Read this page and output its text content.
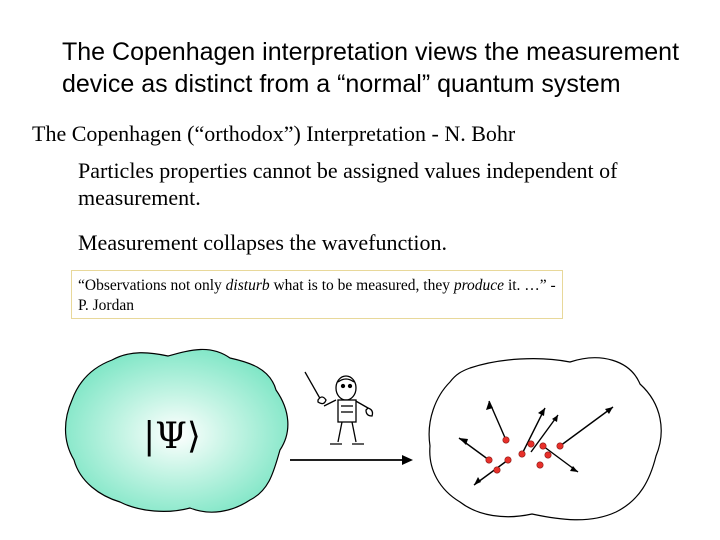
The Copenhagen interpretation views the measurement device as distinct from a “normal” quantum system
The Copenhagen (“orthodox”) Interpretation - N. Bohr
Particles properties cannot be assigned values independent of measurement.
Measurement collapses the wavefunction.
“Observations not only disturb what is to be measured, they produce it. …” - P. Jordan
|Ψ⟩
